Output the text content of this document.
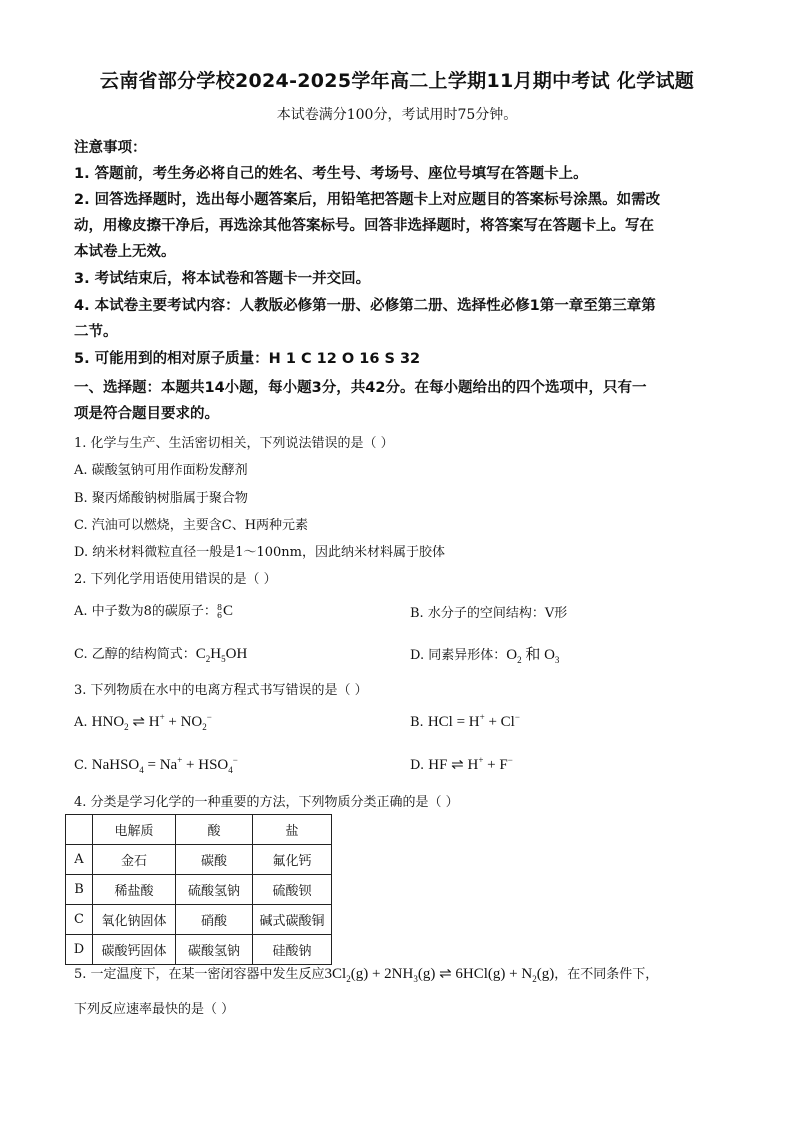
云南省部分学校2024-2025学年高二上学期11月期中考试 化学试题
本试卷满分100分，考试用时75分钟。
注意事项：
1. 答题前，考生务必将自己的姓名、考生号、考场号、座位号填写在答题卡上。
2. 回答选择题时，选出每小题答案后，用铅笔把答题卡上对应题目的答案标号涂黑。如需改
动，用橡皮擦干净后，再选涂其他答案标号。回答非选择题时，将答案写在答题卡上。写在
本试卷上无效。
3. 考试结束后，将本试卷和答题卡一并交回。
4. 本试卷主要考试内容：人教版必修第一册、必修第二册、选择性必修1第一章至第三章第
二节。
5. 可能用到的相对原子质量：H 1 C 12 O 16 S 32
一、选择题：本题共14小题，每小题3分，共42分。在每小题给出的四个选项中，只有一
项是符合题目要求的。
1. 化学与生产、生活密切相关，下列说法错误的是（ ）
A. 碳酸氢钠可用作面粉发酵剂
B. 聚丙烯酸钠树脂属于聚合物
C. 汽油可以燃烧，主要含C、H两种元素
D. 纳米材料微粒直径一般是1～100nm，因此纳米材料属于胶体
2. 下列化学用语使用错误的是（ ）
A. 中子数为8的碳原子： 8
6 C	B. 水分子的空间结构：V形
C. 乙醇的结构简式：$C_2H_5OH$	D. 同素异形体：$O_2$ 和 $O_3$
3. 下列物质在水中的电离方程式书写错误的是（ ）
A. $HNO_2$ ⇌ $H^+ + NO_2^-$	B. HCl = H+ + Cl−
C. NaHSO$_4$ = $Na^+ + HSO_4^-$	D. HF ⇌ H+ + F−
4. 分类是学习化学的一种重要的方法，下列物质分类正确的是（ ）
	电解质	酸	盐
A	金石	碳酸	氟化钙
B	稀盐酸	硫酸氢钠	硫酸钡
C	氧化钠固体	硝酸	碱式碳酸铜
D	碳酸钙固体	碳酸氢钠	硅酸钠
5. 一定温度下，在某一密闭容器中发生反应$3Cl_2(g) + 2NH_3(g)$ ⇌ $6HCl(g) + N_2(g)$，在不同条件下，
下列反应速率最快的是（ ）
